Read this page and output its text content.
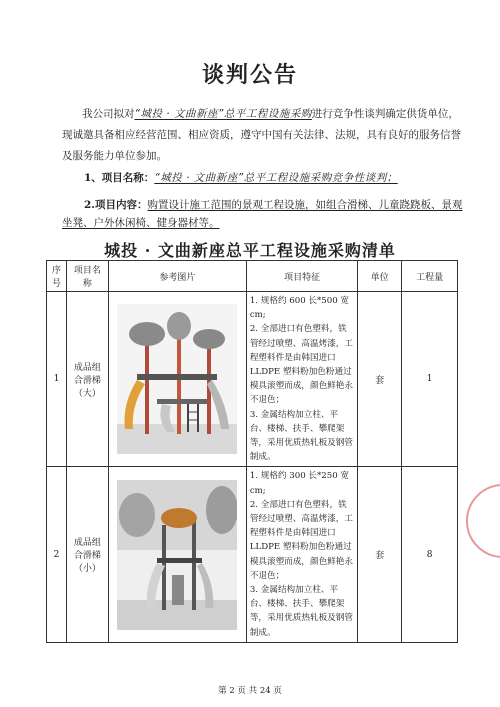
谈判公告
我公司拟对“城投 · 文曲新座”总平工程设施采购进行竞争性谈判确定供货单位，现诚邀具备相应经营范围、相应资质，遵守中国有关法律、法规，具有良好的服务信誉及服务能力单位参加。
1、项目名称：“城投 · 文曲新座”总平工程设施采购竞争性谈判；
2.项目内容：购置设计施工范围的景观工程设施，如组合滑梯、儿童跷跷板、景观坐凳、户外休闲椅、健身器材等。
城投 · 文曲新座总平工程设施采购清单
序号	项目名称	参考图片	项目特征	单位	工程量
1	成品组合滑梯（大）		1. 规格约 600 长*500 宽 cm;
2. 全部进口有色塑料，铁管经过喷塑、高温烤漆，工程塑料件是由韩国进口 LLDPE 塑料粉加色粉通过模具滚塑而成，颜色鲜艳永不退色；
3. 金属结构加立柱、平台、楼梯、扶手、攀爬架等，采用优质热轧板及钢管制成。	套	1
2	成品组合滑梯（小）		1. 规格约 300 长*250 宽 cm;
2. 全部进口有色塑料，铁管经过喷塑、高温烤漆，工程塑料件是由韩国进口 LLDPE 塑料粉加色粉通过模具滚塑而成，颜色鲜艳永不退色；
3. 金属结构加立柱、平台、楼梯、扶手、攀爬架等，采用优质热轧板及钢管制成。	套	8
第 2 页 共 24 页
